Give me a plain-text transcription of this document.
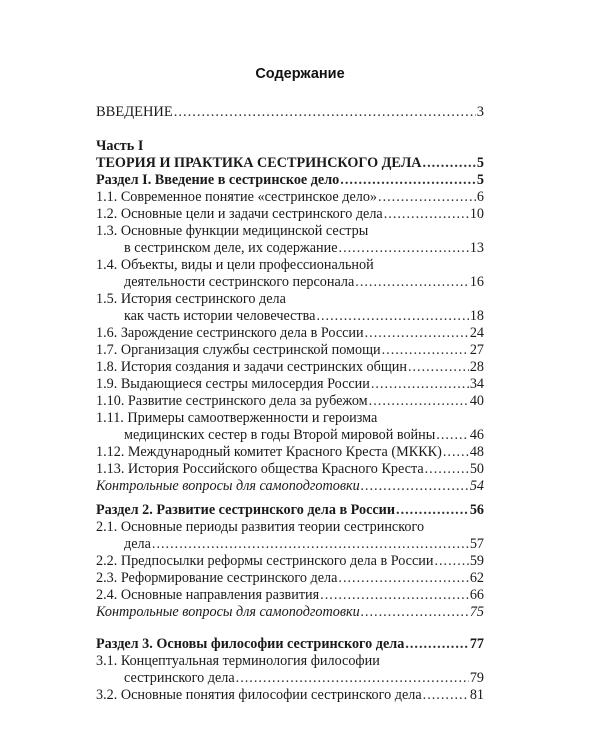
Содержание
ВВЕДЕНИЕ .....	3
Часть I
ТЕОРИЯ И ПРАКТИКА СЕСТРИНСКОГО ДЕЛА .....	5
Раздел I. Введение в сестринское дело .....	5
1.1. Современное понятие «сестринское дело» .....	6
1.2. Основные цели и задачи сестринского дела .....	10
1.3. Основные функции медицинской сестры
в сестринском деле, их содержание .....	13
1.4. Объекты, виды и цели профессиональной
деятельности сестринского персонала .....	16
1.5. История сестринского дела
как часть истории человечества .....	18
1.6. Зарождение сестринского дела в России .....	24
1.7. Организация службы сестринской помощи .....	27
1.8. История создания и задачи сестринских общин .....	28
1.9. Выдающиеся сестры милосердия России .....	34
1.10. Развитие сестринского дела за рубежом .....	40
1.11. Примеры самоотверженности и героизма
медицинских сестер в годы Второй мировой войны ..... 46
1.12. Международный комитет Красного Креста (МККК) ..... 48
1.13. История Российского общества Красного Креста .....	50
Контрольные вопросы для самоподготовки .....	54
Раздел 2. Развитие сестринского дела в России .....	56
2.1. Основные периоды развития теории сестринского
дела .....	57
2.2. Предпосылки реформы сестринского дела в России .....	59
2.3. Реформирование сестринского дела .....	62
2.4. Основные направления развития .....	66
Контрольные вопросы для самоподготовки .....	75
Раздел 3. Основы философии сестринского дела .....	77
3.1. Концептуальная терминология философии
сестринского дела .....	79
3.2. Основные понятия философии сестринского дела .....	81
